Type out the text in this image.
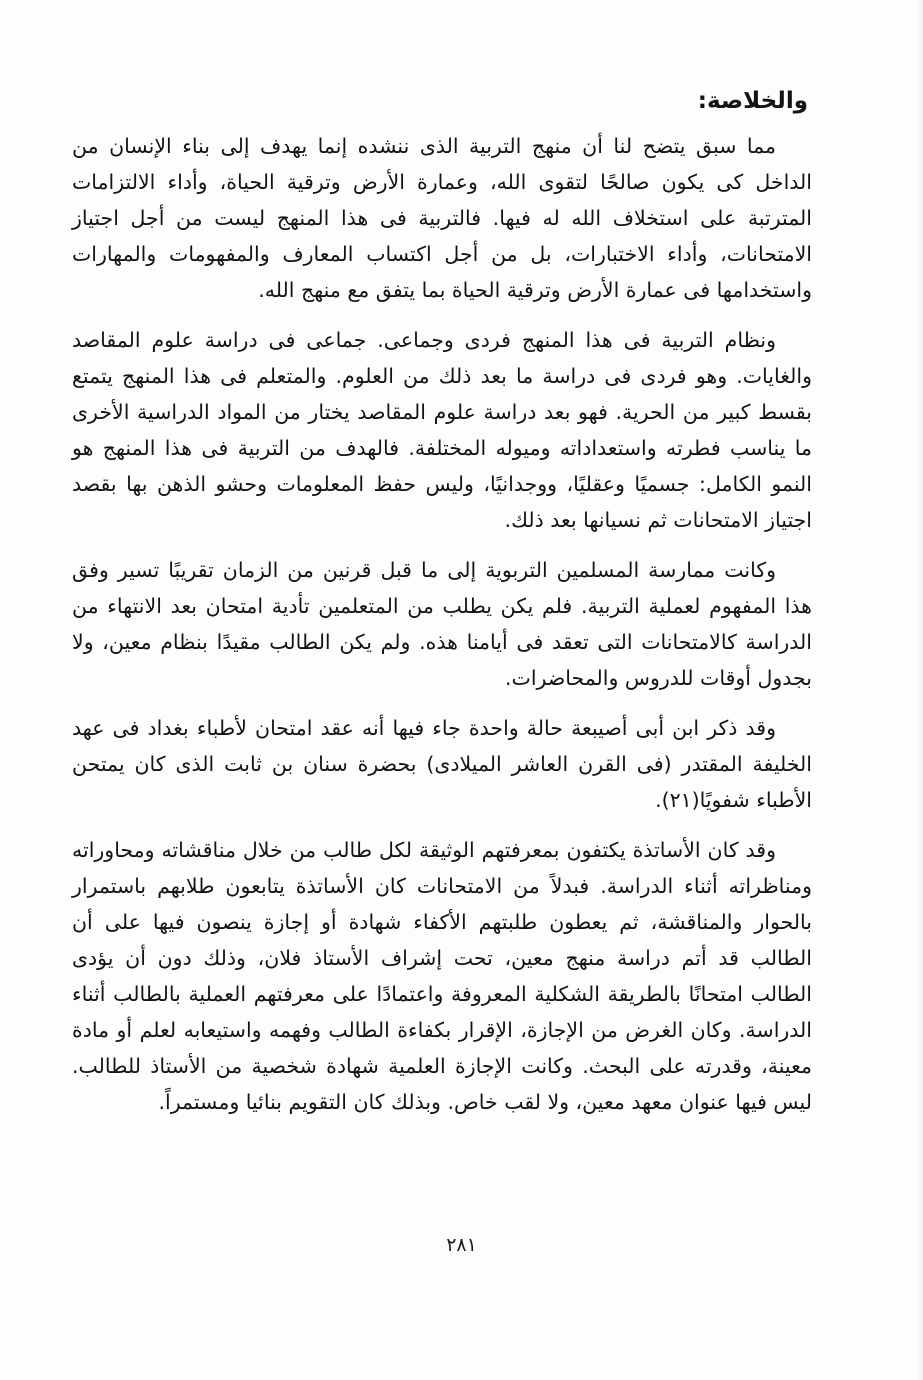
والخلاصة:

مما سبق يتضح لنا أن منهج التربية الذى ننشده إنما يهدف إلى بناء الإنسان من الداخل كى يكون صالحًا لتقوى الله، وعمارة الأرض وترقية الحياة، وأداء الالتزامات المترتبة على استخلاف الله له فيها. فالتربية فى هذا المنهج ليست من أجل اجتياز الامتحانات، وأداء الاختبارات، بل من أجل اكتساب المعارف والمفهومات والمهارات واستخدامها فى عمارة الأرض وترقية الحياة بما يتفق مع منهج الله.

ونظام التربية فى هذا المنهج فردى وجماعى. جماعى فى دراسة علوم المقاصد والغايات. وهو فردى فى دراسة ما بعد ذلك من العلوم. والمتعلم فى هذا المنهج يتمتع بقسط كبير من الحرية. فهو بعد دراسة علوم المقاصد يختار من المواد الدراسية الأخرى ما يناسب فطرته واستعداداته وميوله المختلفة. فالهدف من التربية فى هذا المنهج هو النمو الكامل: جسميًا وعقليًا، ووجدانيًا، وليس حفظ المعلومات وحشو الذهن بها بقصد اجتياز الامتحانات ثم نسيانها بعد ذلك.

وكانت ممارسة المسلمين التربوية إلى ما قبل قرنين من الزمان تقريبًا تسير وفق هذا المفهوم لعملية التربية. فلم يكن يطلب من المتعلمين تأدية امتحان بعد الانتهاء من الدراسة كالامتحانات التى تعقد فى أيامنا هذه. ولم يكن الطالب مقيدًا بنظام معين، ولا بجدول أوقات للدروس والمحاضرات.

وقد ذكر ابن أبى أصيبعة حالة واحدة جاء فيها أنه عقد امتحان لأطباء بغداد فى عهد الخليفة المقتدر (فى القرن العاشر الميلادى) بحضرة سنان بن ثابت الذى كان يمتحن الأطباء شفويًا(٢١).

وقد كان الأساتذة يكتفون بمعرفتهم الوثيقة لكل طالب من خلال مناقشاته ومحاوراته ومناظراته أثناء الدراسة. فبدلاً من الامتحانات كان الأساتذة يتابعون طلابهم باستمرار بالحوار والمناقشة، ثم يعطون طلبتهم الأكفاء شهادة أو إجازة ينصون فيها على أن الطالب قد أتم دراسة منهج معين، تحت إشراف الأستاذ فلان، وذلك دون أن يؤدى الطالب امتحانًا بالطريقة الشكلية المعروفة واعتمادًا على معرفتهم العملية بالطالب أثناء الدراسة. وكان الغرض من الإجازة، الإقرار بكفاءة الطالب وفهمه واستيعابه لعلم أو مادة معينة، وقدرته على البحث. وكانت الإجازة العلمية شهادة شخصية من الأستاذ للطالب. ليس فيها عنوان معهد معين، ولا لقب خاص. وبذلك كان التقويم بنائيا ومستمراً.

٢٨١
